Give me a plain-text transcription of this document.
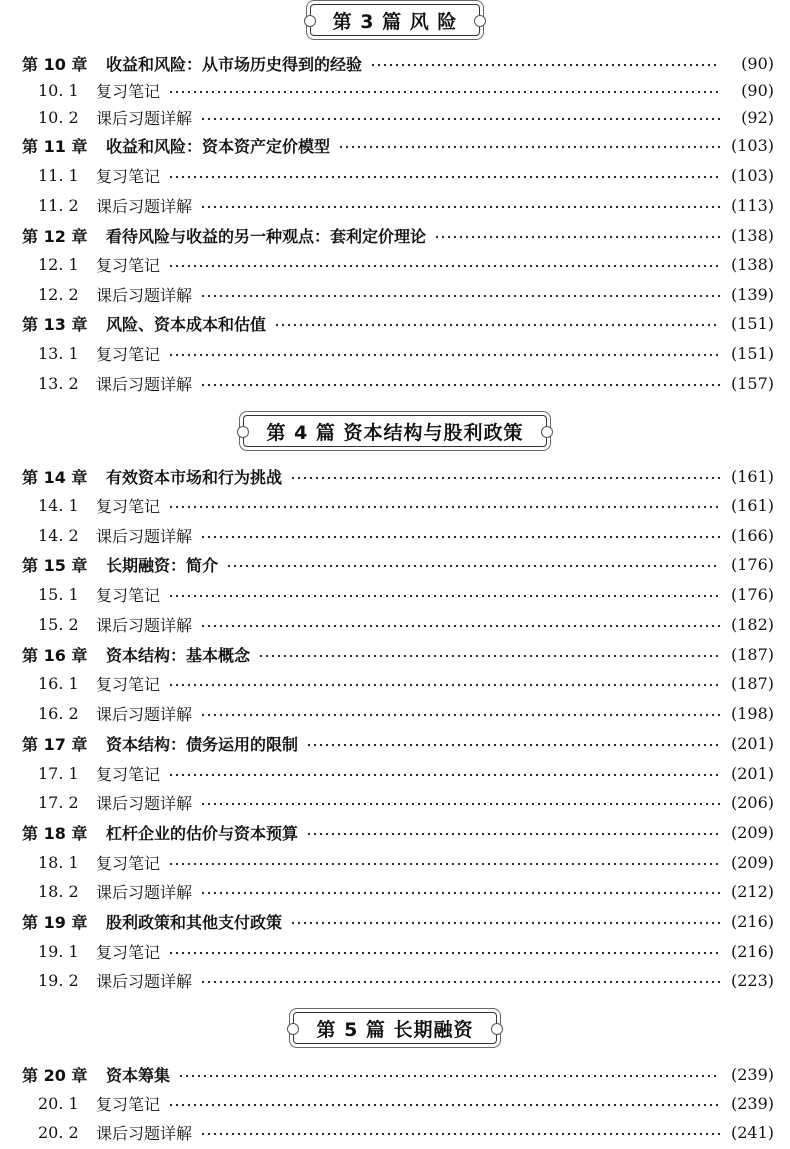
第 3 篇 风 险
第 10 章	收益和风险：从市场历史得到的经验	(90)
10. 1	复习笔记	(90)
10. 2	课后习题详解	(92)
第 11 章	收益和风险：资本资产定价模型	(103)
11. 1	复习笔记	(103)
11. 2	课后习题详解	(113)
第 12 章	看待风险与收益的另一种观点：套利定价理论	(138)
12. 1	复习笔记	(138)
12. 2	课后习题详解	(139)
第 13 章	风险、资本成本和估值	(151)
13. 1	复习笔记	(151)
13. 2	课后习题详解	(157)
第 4 篇 资本结构与股利政策
第 14 章	有效资本市场和行为挑战	(161)
14. 1	复习笔记	(161)
14. 2	课后习题详解	(166)
第 15 章	长期融资：简介	(176)
15. 1	复习笔记	(176)
15. 2	课后习题详解	(182)
第 16 章	资本结构：基本概念	(187)
16. 1	复习笔记	(187)
16. 2	课后习题详解	(198)
第 17 章	资本结构：债务运用的限制	(201)
17. 1	复习笔记	(201)
17. 2	课后习题详解	(206)
第 18 章	杠杆企业的估价与资本预算	(209)
18. 1	复习笔记	(209)
18. 2	课后习题详解	(212)
第 19 章	股利政策和其他支付政策	(216)
19. 1	复习笔记	(216)
19. 2	课后习题详解	(223)
第 5 篇 长期融资
第 20 章	资本筹集	(239)
20. 1	复习笔记	(239)
20. 2	课后习题详解	(241)
